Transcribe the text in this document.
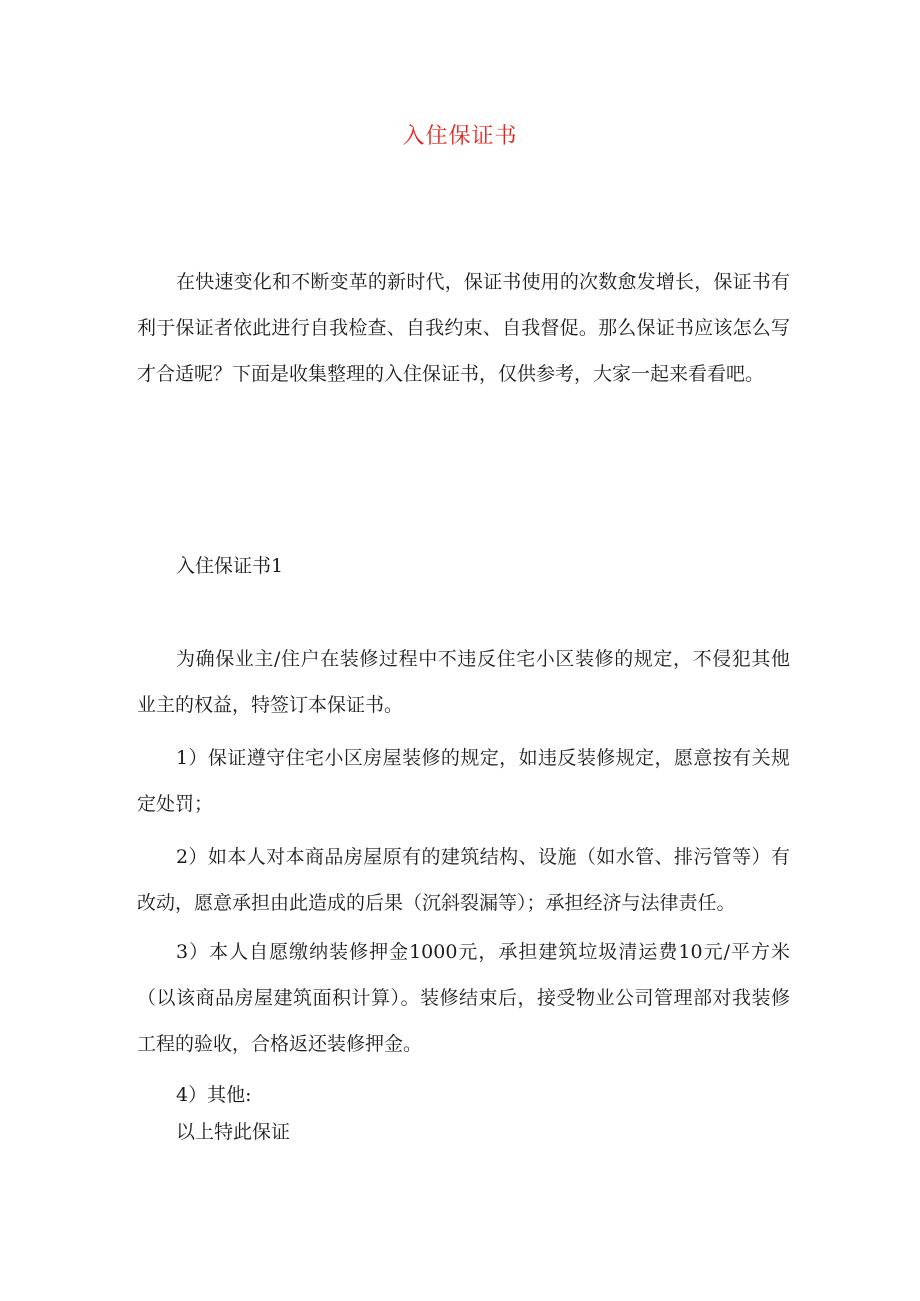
入住保证书

在快速变化和不断变革的新时代，保证书使用的次数愈发增长，保证书有利于保证者依此进行自我检查、自我约束、自我督促。那么保证书应该怎么写才合适呢？下面是收集整理的入住保证书，仅供参考，大家一起来看看吧。

入住保证书1

为确保业主/住户在装修过程中不违反住宅小区装修的规定，不侵犯其他业主的权益，特签订本保证书。

1）保证遵守住宅小区房屋装修的规定，如违反装修规定，愿意按有关规定处罚；

2）如本人对本商品房屋原有的建筑结构、设施（如水管、排污管等）有改动，愿意承担由此造成的后果（沉斜裂漏等）；承担经济与法律责任。

3）本人自愿缴纳装修押金1000元，承担建筑垃圾清运费10元/平方米（以该商品房屋建筑面积计算）。装修结束后，接受物业公司管理部对我装修工程的验收，合格返还装修押金。

4）其他:

以上特此保证
